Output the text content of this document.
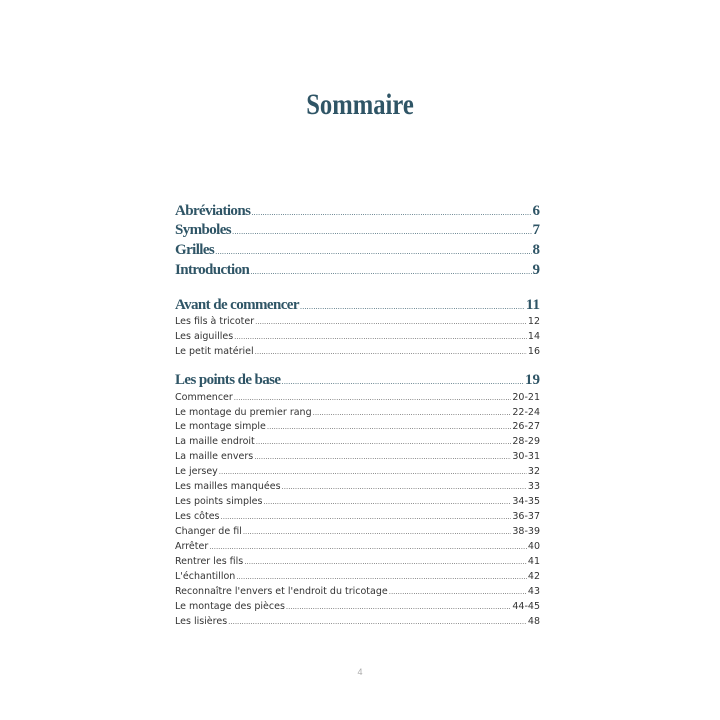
Sommaire
Abréviations .....	6
Symboles .....	7
Grilles .....	8
Introduction .....	9
Avant de commencer .....	11
Les fils à tricoter .....	12
Les aiguilles .....	14
Le petit matériel .....	16
Les points de base .....	19
Commencer .....	20-21
Le montage du premier rang .....	22-24
Le montage simple .....	26-27
La maille endroit .....	28-29
La maille envers .....	30-31
Le jersey .....	32
Les mailles manquées .....	33
Les points simples .....	34-35
Les côtes .....	36-37
Changer de fil .....	38-39
Arrêter .....	40
Rentrer les fils .....	41
L'échantillon .....	42
Reconnaître l'envers et l'endroit du tricotage .....	43
Le montage des pièces .....	44-45
Les lisières .....	48
4
